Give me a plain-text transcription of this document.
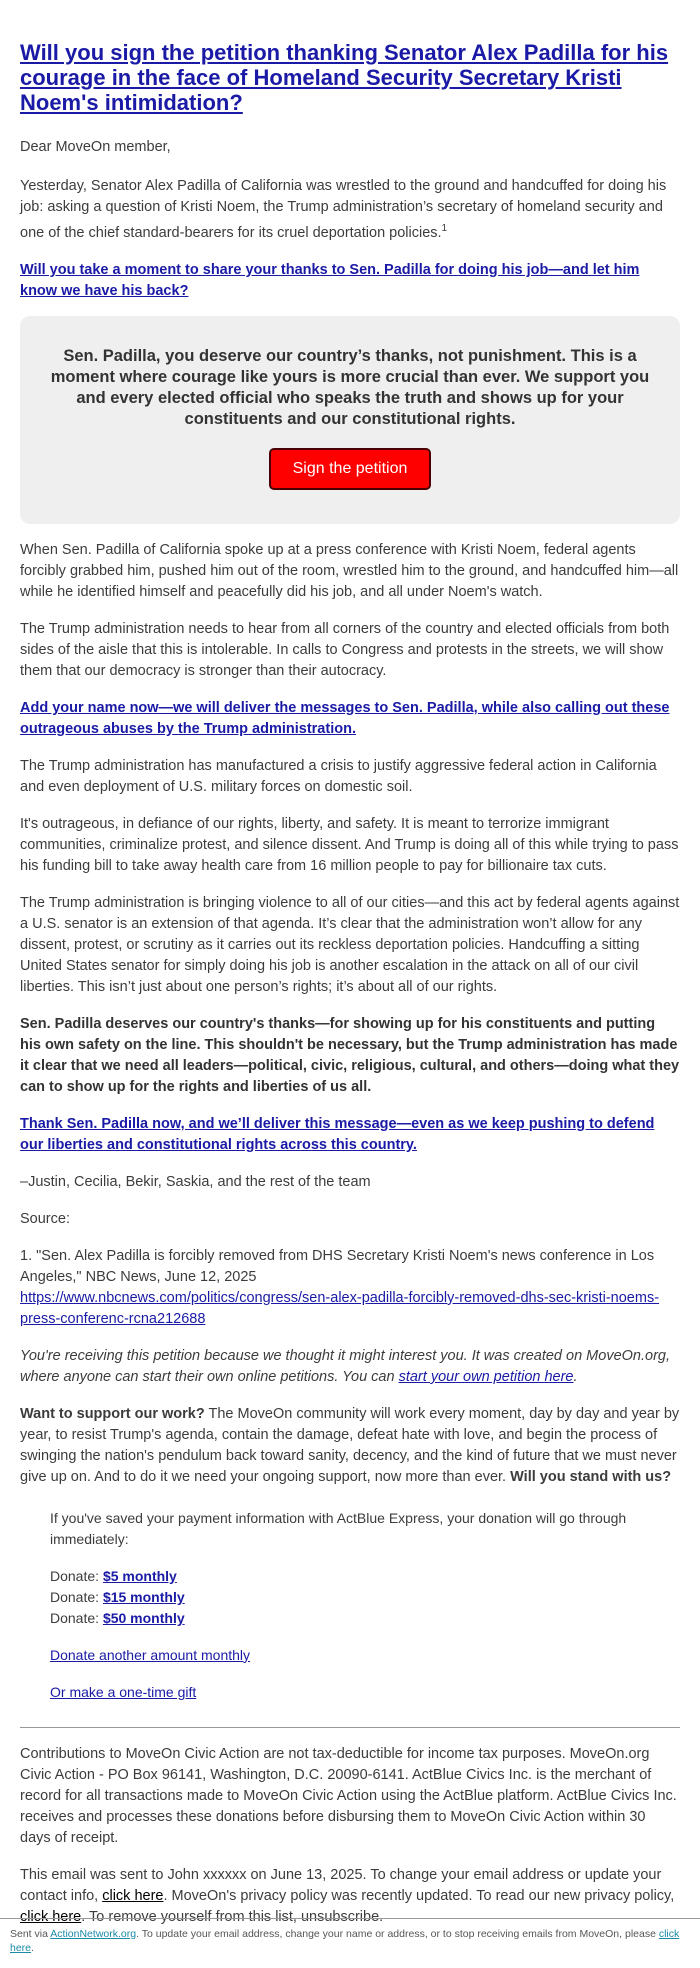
Will you sign the petition thanking Senator Alex Padilla for his courage in the face of Homeland Security Secretary Kristi Noem's intimidation?

Dear MoveOn member,

Yesterday, Senator Alex Padilla of California was wrestled to the ground and handcuffed for doing his job: asking a question of Kristi Noem, the Trump administration’s secretary of homeland security and one of the chief standard-bearers for its cruel deportation policies.$^1$

Will you take a moment to share your thanks to Sen. Padilla for doing his job—and let him know we have his back?

Sen. Padilla, you deserve our country’s thanks, not punishment. This is a moment where courage like yours is more crucial than ever. We support you and every elected official who speaks the truth and shows up for your constituents and our constitutional rights.

Sign the petition

When Sen. Padilla of California spoke up at a press conference with Kristi Noem, federal agents forcibly grabbed him, pushed him out of the room, wrestled him to the ground, and handcuffed him—all while he identified himself and peacefully did his job, and all under Noem's watch.

The Trump administration needs to hear from all corners of the country and elected officials from both sides of the aisle that this is intolerable. In calls to Congress and protests in the streets, we will show them that our democracy is stronger than their autocracy.

Add your name now—we will deliver the messages to Sen. Padilla, while also calling out these outrageous abuses by the Trump administration.

The Trump administration has manufactured a crisis to justify aggressive federal action in California and even deployment of U.S. military forces on domestic soil.

It's outrageous, in defiance of our rights, liberty, and safety. It is meant to terrorize immigrant communities, criminalize protest, and silence dissent. And Trump is doing all of this while trying to pass his funding bill to take away health care from 16 million people to pay for billionaire tax cuts.

The Trump administration is bringing violence to all of our cities—and this act by federal agents against a U.S. senator is an extension of that agenda. It’s clear that the administration won’t allow for any dissent, protest, or scrutiny as it carries out its reckless deportation policies. Handcuffing a sitting United States senator for simply doing his job is another escalation in the attack on all of our civil liberties. This isn’t just about one person’s rights; it’s about all of our rights.

Sen. Padilla deserves our country's thanks—for showing up for his constituents and putting his own safety on the line. This shouldn't be necessary, but the Trump administration has made it clear that we need all leaders—political, civic, religious, cultural, and others—doing what they can to show up for the rights and liberties of us all.

Thank Sen. Padilla now, and we’ll deliver this message—even as we keep pushing to defend our liberties and constitutional rights across this country.

–Justin, Cecilia, Bekir, Saskia, and the rest of the team

Source:

1. "Sen. Alex Padilla is forcibly removed from DHS Secretary Kristi Noem's news conference in Los Angeles," NBC News, June 12, 2025
https://www.nbcnews.com/politics/congress/sen-alex-padilla-forcibly-removed-dhs-sec-kristi-noems-press-conferenc-rcna212688

You're receiving this petition because we thought it might interest you. It was created on MoveOn.org, where anyone can start their own online petitions. You can start your own petition here.

Want to support our work? The MoveOn community will work every moment, day by day and year by year, to resist Trump's agenda, contain the damage, defeat hate with love, and begin the process of swinging the nation's pendulum back toward sanity, decency, and the kind of future that we must never give up on. And to do it we need your ongoing support, now more than ever. Will you stand with us?

If you've saved your payment information with ActBlue Express, your donation will go through immediately:

Donate: $5 monthly

Donate: $15 monthly

Donate: $50 monthly

Donate another amount monthly

Or make a one-time gift

Contributions to MoveOn Civic Action are not tax-deductible for income tax purposes. MoveOn.org Civic Action - PO Box 96141, Washington, D.C. 20090-6141. ActBlue Civics Inc. is the merchant of record for all transactions made to MoveOn Civic Action using the ActBlue platform. ActBlue Civics Inc. receives and processes these donations before disbursing them to MoveOn Civic Action within 30 days of receipt.

This email was sent to John xxxxxx on June 13, 2025. To change your email address or update your contact info, click here. MoveOn's privacy policy was recently updated. To read our new privacy policy, click here. To remove yourself from this list, unsubscribe.

Sent via ActionNetwork.org. To update your email address, change your name or address, or to stop receiving emails from MoveOn, please click here.
